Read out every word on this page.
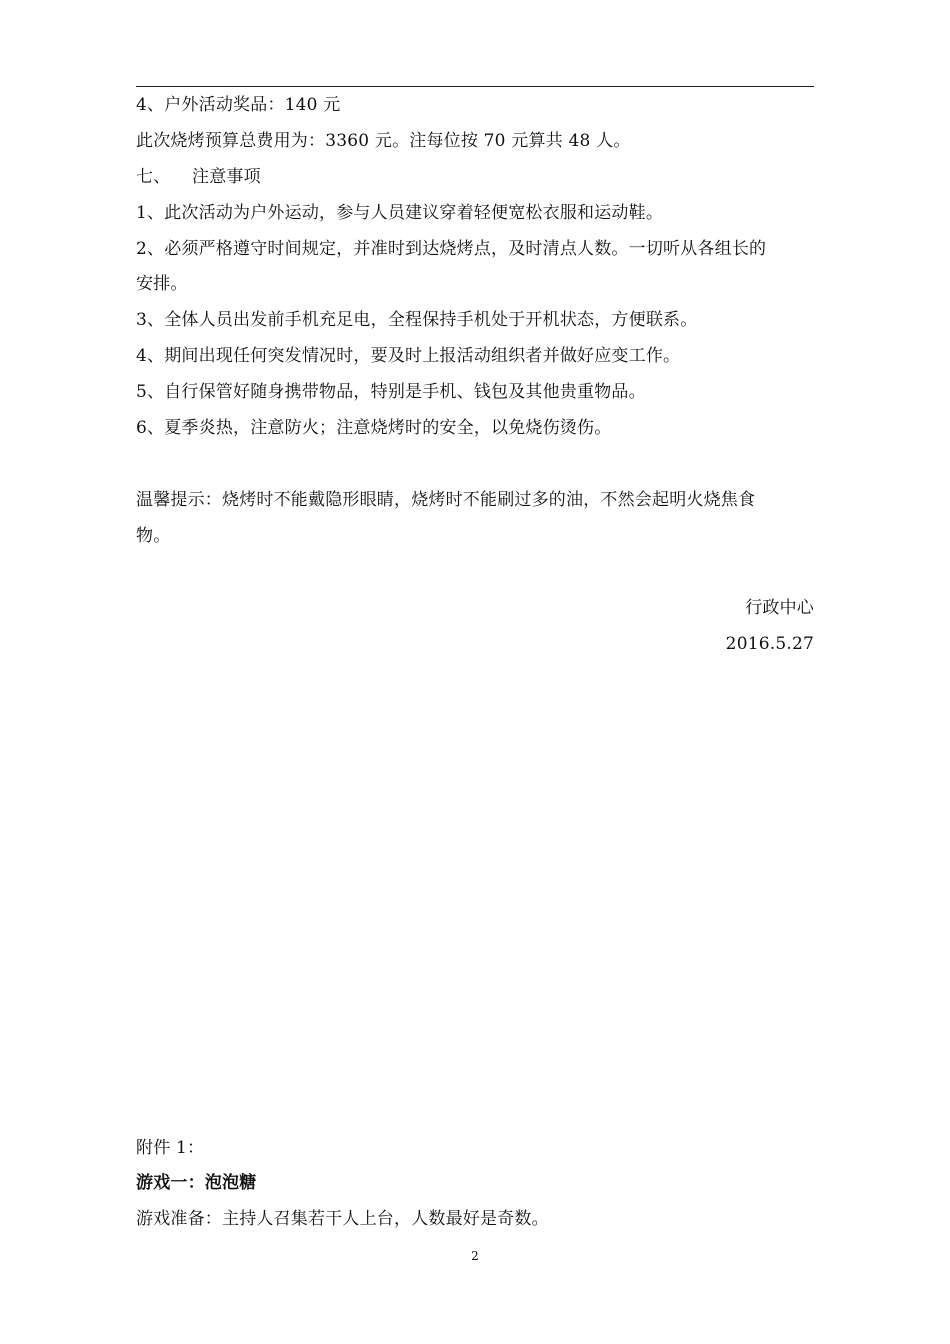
4、户外活动奖品：140 元
此次烧烤预算总费用为：3360 元。注每位按 70 元算共 48 人。
七、 注意事项
1、此次活动为户外运动，参与人员建议穿着轻便宽松衣服和运动鞋。
2、必须严格遵守时间规定，并准时到达烧烤点，及时清点人数。一切听从各组长的
安排。
3、全体人员出发前手机充足电，全程保持手机处于开机状态，方便联系。
4、期间出现任何突发情况时，要及时上报活动组织者并做好应变工作。
5、自行保管好随身携带物品，特别是手机、钱包及其他贵重物品。
6、夏季炎热，注意防火；注意烧烤时的安全，以免烧伤烫伤。
温馨提示：烧烤时不能戴隐形眼睛，烧烤时不能刷过多的油，不然会起明火烧焦食
物。
行政中心
2016.5.27
附件 1：
游戏一：泡泡糖
游戏准备：主持人召集若干人上台，人数最好是奇数。
2
